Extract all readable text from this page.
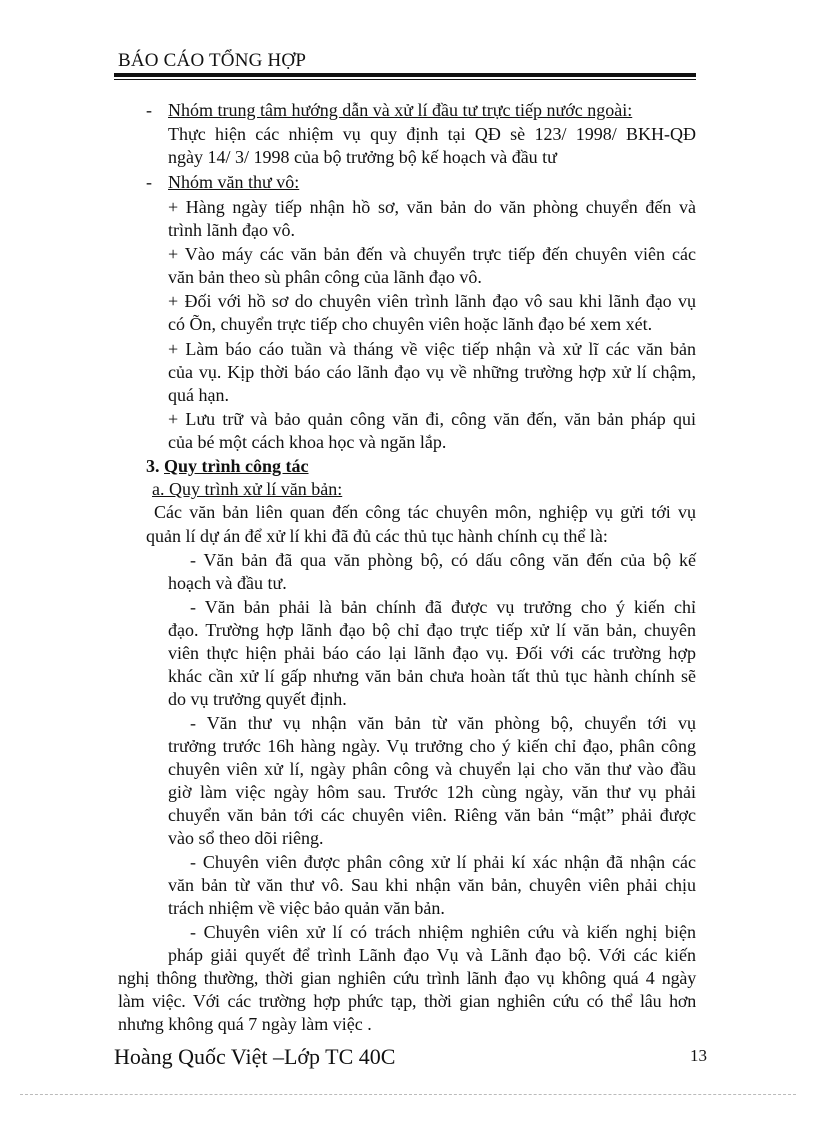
BÁO CÁO TỔNG HỢP
- Nhóm trung tâm hướng dẫn và xử lí đầu tư trực tiếp nước ngoài:
Thực hiện các nhiệm vụ quy định tại QĐ sè 123/ 1998/ BKH-QĐ
ngày 14/ 3/ 1998 của bộ trưởng bộ kế hoạch và đầu tư
- Nhóm văn thư vô:
+ Hàng ngày tiếp nhận hồ sơ, văn bản do văn phòng chuyển đến và
trình lãnh đạo vô.
+ Vào máy các văn bản đến và chuyển trực tiếp đến chuyên viên các
văn bản theo sù phân công của lãnh đạo vô.
+ Đối với hồ sơ do chuyên viên trình lãnh đạo vô sau khi lãnh đạo vụ
có Õn, chuyển trực tiếp cho chuyên viên hoặc lãnh đạo bé xem xét.
+ Làm báo cáo tuần và tháng về việc tiếp nhận và xử lĩ các văn bản
của vụ. Kịp thời báo cáo lãnh đạo vụ về những trường hợp xử lí chậm,
quá hạn.
+ Lưu trữ và bảo quản công văn đi, công văn đến, văn bản pháp qui
của bé một cách khoa học và ngăn lắp.
3. Quy trình công tác
a. Quy trình xử lí văn bản:
Các văn bản liên quan đến công tác chuyên môn, nghiệp vụ gửi tới vụ
quản lí dự án để xử lí khi đã đủ các thủ tục hành chính cụ thể là:
- Văn bản đã qua văn phòng bộ, có dấu công văn đến của bộ kế
hoạch và đầu tư.
- Văn bản phải là bản chính đã được vụ trưởng cho ý kiến chỉ
đạo. Trường hợp lãnh đạo bộ chỉ đạo trực tiếp xử lí văn bản, chuyên
viên thực hiện phải báo cáo lại lãnh đạo vụ. Đối với các trường hợp
khác cần xử lí gấp nhưng văn bản chưa hoàn tất thủ tục hành chính sẽ
do vụ trưởng quyết định.
- Văn thư vụ nhận văn bản từ văn phòng bộ, chuyển tới vụ
trưởng trước 16h hàng ngày. Vụ trưởng cho ý kiến chỉ đạo, phân công
chuyên viên xử lí, ngày phân công và chuyển lại cho văn thư vào đầu
giờ làm việc ngày hôm sau. Trước 12h cùng ngày, văn thư vụ phải
chuyển văn bản tới các chuyên viên. Riêng văn bản “mật” phải được
vào sổ theo dõi riêng.
- Chuyên viên được phân công xử lí phải kí xác nhận đã nhận các
văn bản từ văn thư vô. Sau khi nhận văn bản, chuyên viên phải chịu
trách nhiệm về việc bảo quản văn bản.
- Chuyên viên xử lí có trách nhiệm nghiên cứu và kiến nghị biện
pháp giải quyết để trình Lãnh đạo Vụ và Lãnh đạo bộ. Với các kiến
nghị thông thường, thời gian nghiên cứu trình lãnh đạo vụ không quá 4 ngày
làm việc. Với các trường hợp phức tạp, thời gian nghiên cứu có thể lâu hơn
nhưng không quá 7 ngày làm việc .
Hoàng Quốc Việt –Lớp TC 40C	13
